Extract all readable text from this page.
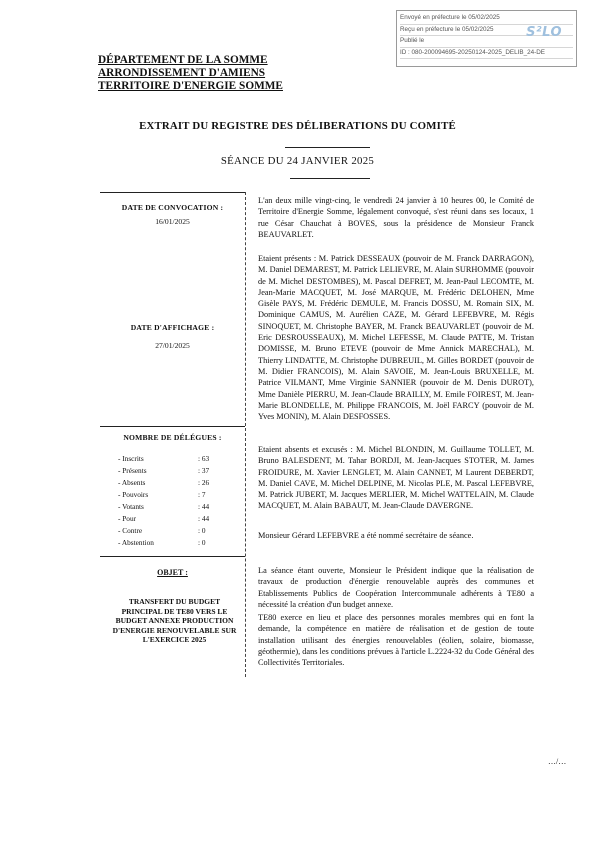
Envoyé en préfecture le 05/02/2025
Reçu en préfecture le 05/02/2025
Publié le
ID : 080-200094695-20250124-2025_DELIB_24-DE
S²LO
DÉPARTEMENT DE LA SOMME
ARRONDISSEMENT D'AMIENS
TERRITOIRE D'ENERGIE SOMME
EXTRAIT DU REGISTRE DES DÉLIBERATIONS DU COMITÉ
SÉANCE DU 24 JANVIER 2025
DATE DE CONVOCATION :
16/01/2025
DATE D'AFFICHAGE :
27/01/2025
NOMBRE DE DÉLÉGUES :
- Inscrits	: 63
- Présents	: 37
- Absents	: 26
- Pouvoirs	: 7
- Votants	: 44
- Pour	: 44
- Contre	: 0
- Abstention	: 0
OBJET :
TRANSFERT DU BUDGET PRINCIPAL DE TE80 VERS LE BUDGET ANNEXE PRODUCTION D'ENERGIE RENOUVELABLE SUR L'EXERCICE 2025

L'an deux mille vingt-cinq, le vendredi 24 janvier à 10 heures 00, le Comité de Territoire d'Energie Somme, légalement convoqué, s'est réuni dans ses locaux, 1 rue César Chauchat à BOVES, sous la présidence de Monsieur Franck BEAUVARLET.

Etaient présents : M. Patrick DESSEAUX (pouvoir de M. Franck DARRAGON), M. Daniel DEMAREST, M. Patrick LELIEVRE, M. Alain SURHOMME (pouvoir de M. Michel DESTOMBES), M. Pascal DEFRET, M. Jean-Paul LECOMTE, M. Jean-Marie MACQUET, M. José MARQUE, M. Frédéric DELOHEN, Mme Gisèle PAYS, M. Frédéric DEMULE, M. Francis DOSSU, M. Romain SIX, M. Dominique CAMUS, M. Aurélien CAZE, M. Gérard LEFEBVRE, M. Régis SINOQUET, M. Christophe BAYER, M. Franck BEAUVARLET (pouvoir de M. Eric DESROUSSEAUX), M. Michel LEFESSE, M. Claude PATTE, M. Tristan DOMISSE, M. Bruno ETEVE (pouvoir de Mme Annick MARECHAL), M. Thierry LINDATTE, M. Christophe DUBREUIL, M. Gilles BORDET (pouvoir de M. Didier FRANCOIS), M. Alain SAVOIE, M. Jean-Louis BRUXELLE, M. Patrice VILMANT, Mme Virginie SANNIER (pouvoir de M. Denis DUROT), Mme Danièle PIERRU, M. Jean-Claude BRAILLY, M. Emile FOIREST, M. Jean-Marie BLONDELLE, M. Philippe FRANCOIS, M. Joël FARCY (pouvoir de M. Yves MONIN), M. Alain DESFOSSES.

Etaient absents et excusés : M. Michel BLONDIN, M. Guillaume TOLLET, M. Bruno BALESDENT, M. Tahar BORDJI, M. Jean-Jacques STOTER, M. James FROIDURE, M. Xavier LENGLET, M. Alain CANNET, M Laurent DEBERDT, M. Daniel CAVE, M. Michel DELPINE, M. Nicolas PLE, M. Pascal LEFEBVRE, M. Patrick JUBERT, M. Jacques MERLIER, M. Michel WATTELAIN, M. Claude MACQUET, M. Alain BABAUT, M. Jean-Claude DAVERGNE.

Monsieur Gérard LEFEBVRE a été nommé secrétaire de séance.

La séance étant ouverte, Monsieur le Président indique que la réalisation de travaux de production d'énergie renouvelable auprès des communes et Etablissements Publics de Coopération Intercommunale adhérents à TE80 a nécessité la création d'un budget annexe.

TE80 exerce en lieu et place des personnes morales membres qui en font la demande, la compétence en matière de réalisation et de gestion de toute installation utilisant des énergies renouvelables (éolien, solaire, biomasse, géothermie), dans les conditions prévues à l'article L.2224-32 du Code Général des Collectivités Territoriales.

…/…
